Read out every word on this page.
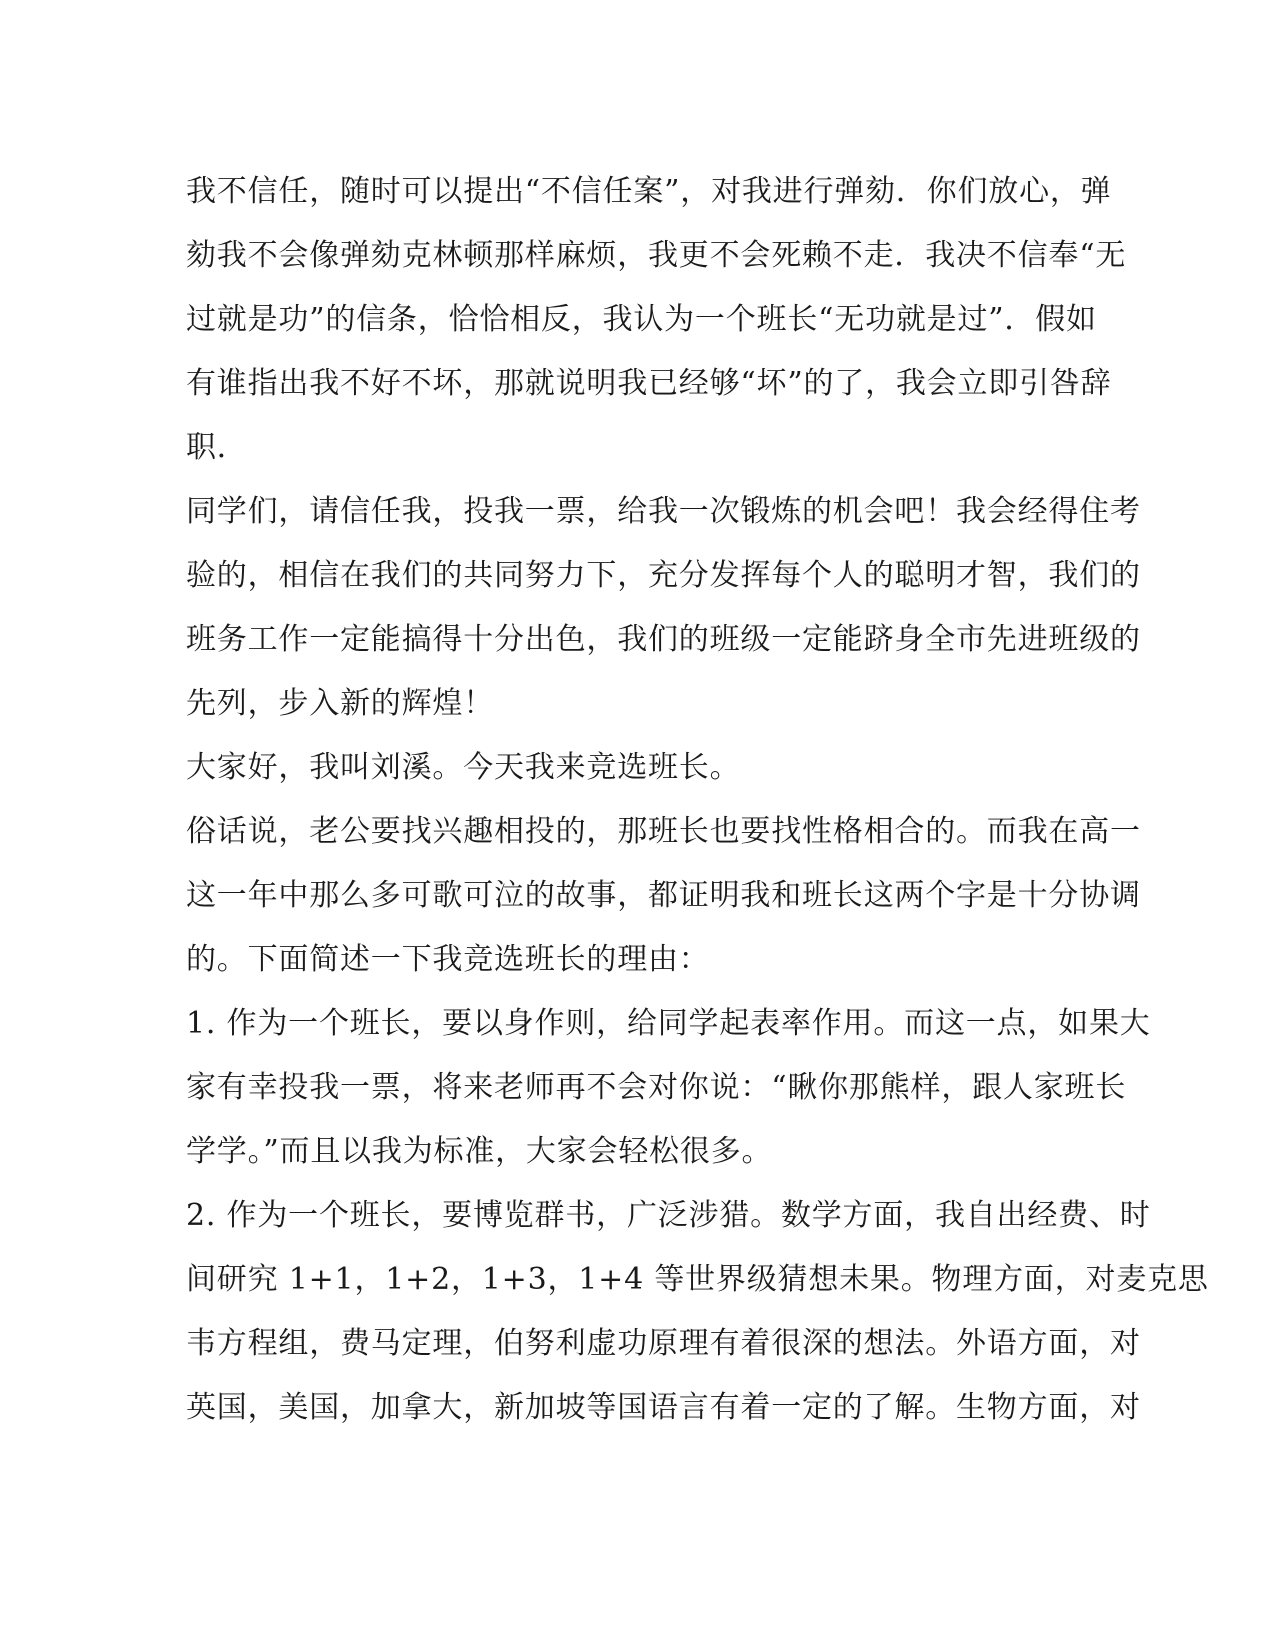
我不信任，随时可以提出“不信任案”，对我进行弹劾．你们放心，弹
劾我不会像弹劾克林顿那样麻烦，我更不会死赖不走．我决不信奉“无
过就是功”的信条，恰恰相反，我认为一个班长“无功就是过”．假如
有谁指出我不好不坏，那就说明我已经够“坏”的了，我会立即引咎辞
职．
同学们，请信任我，投我一票，给我一次锻炼的机会吧！我会经得住考
验的，相信在我们的共同努力下，充分发挥每个人的聪明才智，我们的
班务工作一定能搞得十分出色，我们的班级一定能跻身全市先进班级的
先列，步入新的辉煌！
大家好，我叫刘溪。今天我来竞选班长。
俗话说，老公要找兴趣相投的，那班长也要找性格相合的。而我在高一
这一年中那么多可歌可泣的故事，都证明我和班长这两个字是十分协调
的。下面简述一下我竞选班长的理由：
1. 作为一个班长，要以身作则，给同学起表率作用。而这一点，如果大
家有幸投我一票，将来老师再不会对你说：“瞅你那熊样，跟人家班长
学学。”而且以我为标准，大家会轻松很多。
2. 作为一个班长，要博览群书，广泛涉猎。数学方面，我自出经费、时
间研究 1+1，1+2，1+3，1+4 等世界级猜想未果。物理方面，对麦克思
韦方程组，费马定理，伯努利虚功原理有着很深的想法。外语方面，对
英国，美国，加拿大，新加坡等国语言有着一定的了解。生物方面，对
